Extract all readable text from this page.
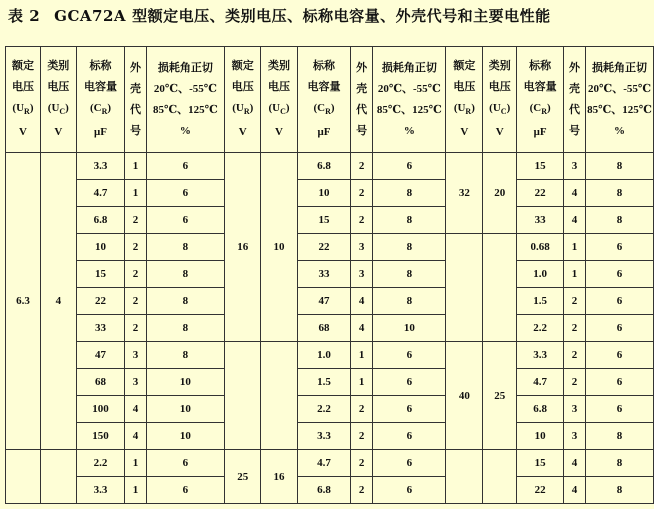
表 2 GCA72A 型额定电压、类别电压、标称电容量、外壳代号和主要电性能
额定
电压
$(U_R)$
V	类别
电压
$(U_C)$
V	标称
电容量
$(C_R)$
μF	外
壳
代
号	损耗角正切
20℃、-55℃
85℃、125℃
%	额定
电压
$(U_R)$
V	类别
电压
$(U_C)$
V	标称
电容量
$(C_R)$
μF	外
壳
代
号	损耗角正切
20℃、-55℃
85℃、125℃
%	额定
电压
$(U_R)$
V	类别
电压
$(U_C)$
V	标称
电容量
$(C_R)$
μF	外
壳
代
号	损耗角正切
20℃、-55℃
85℃、125℃
%

6.3	4	3.3	1	6	16	10	6.8	2	6	32	20	15	3	8
		4.7	1	6			10	2	8			22	4	8
		6.8	2	6			15	2	8			33	4	8
		10	2	8			22	3	8			0.68	1	6
		15	2	8			33	3	8			1.0	1	6
		22	2	8			47	4	8			1.5	2	6
		33	2	8			68	4	10			2.2	2	6
		47	3	8			1.0	1	6	40	25	3.3	2	6
		68	3	10			1.5	1	6			4.7	2	6
		100	4	10			2.2	2	6			6.8	3	6
		150	4	10			3.3	2	6			10	3	8
		2.2	1	6	25	16	4.7	2	6			15	4	8
		3.3	1	6			6.8	2	6			22	4	8
